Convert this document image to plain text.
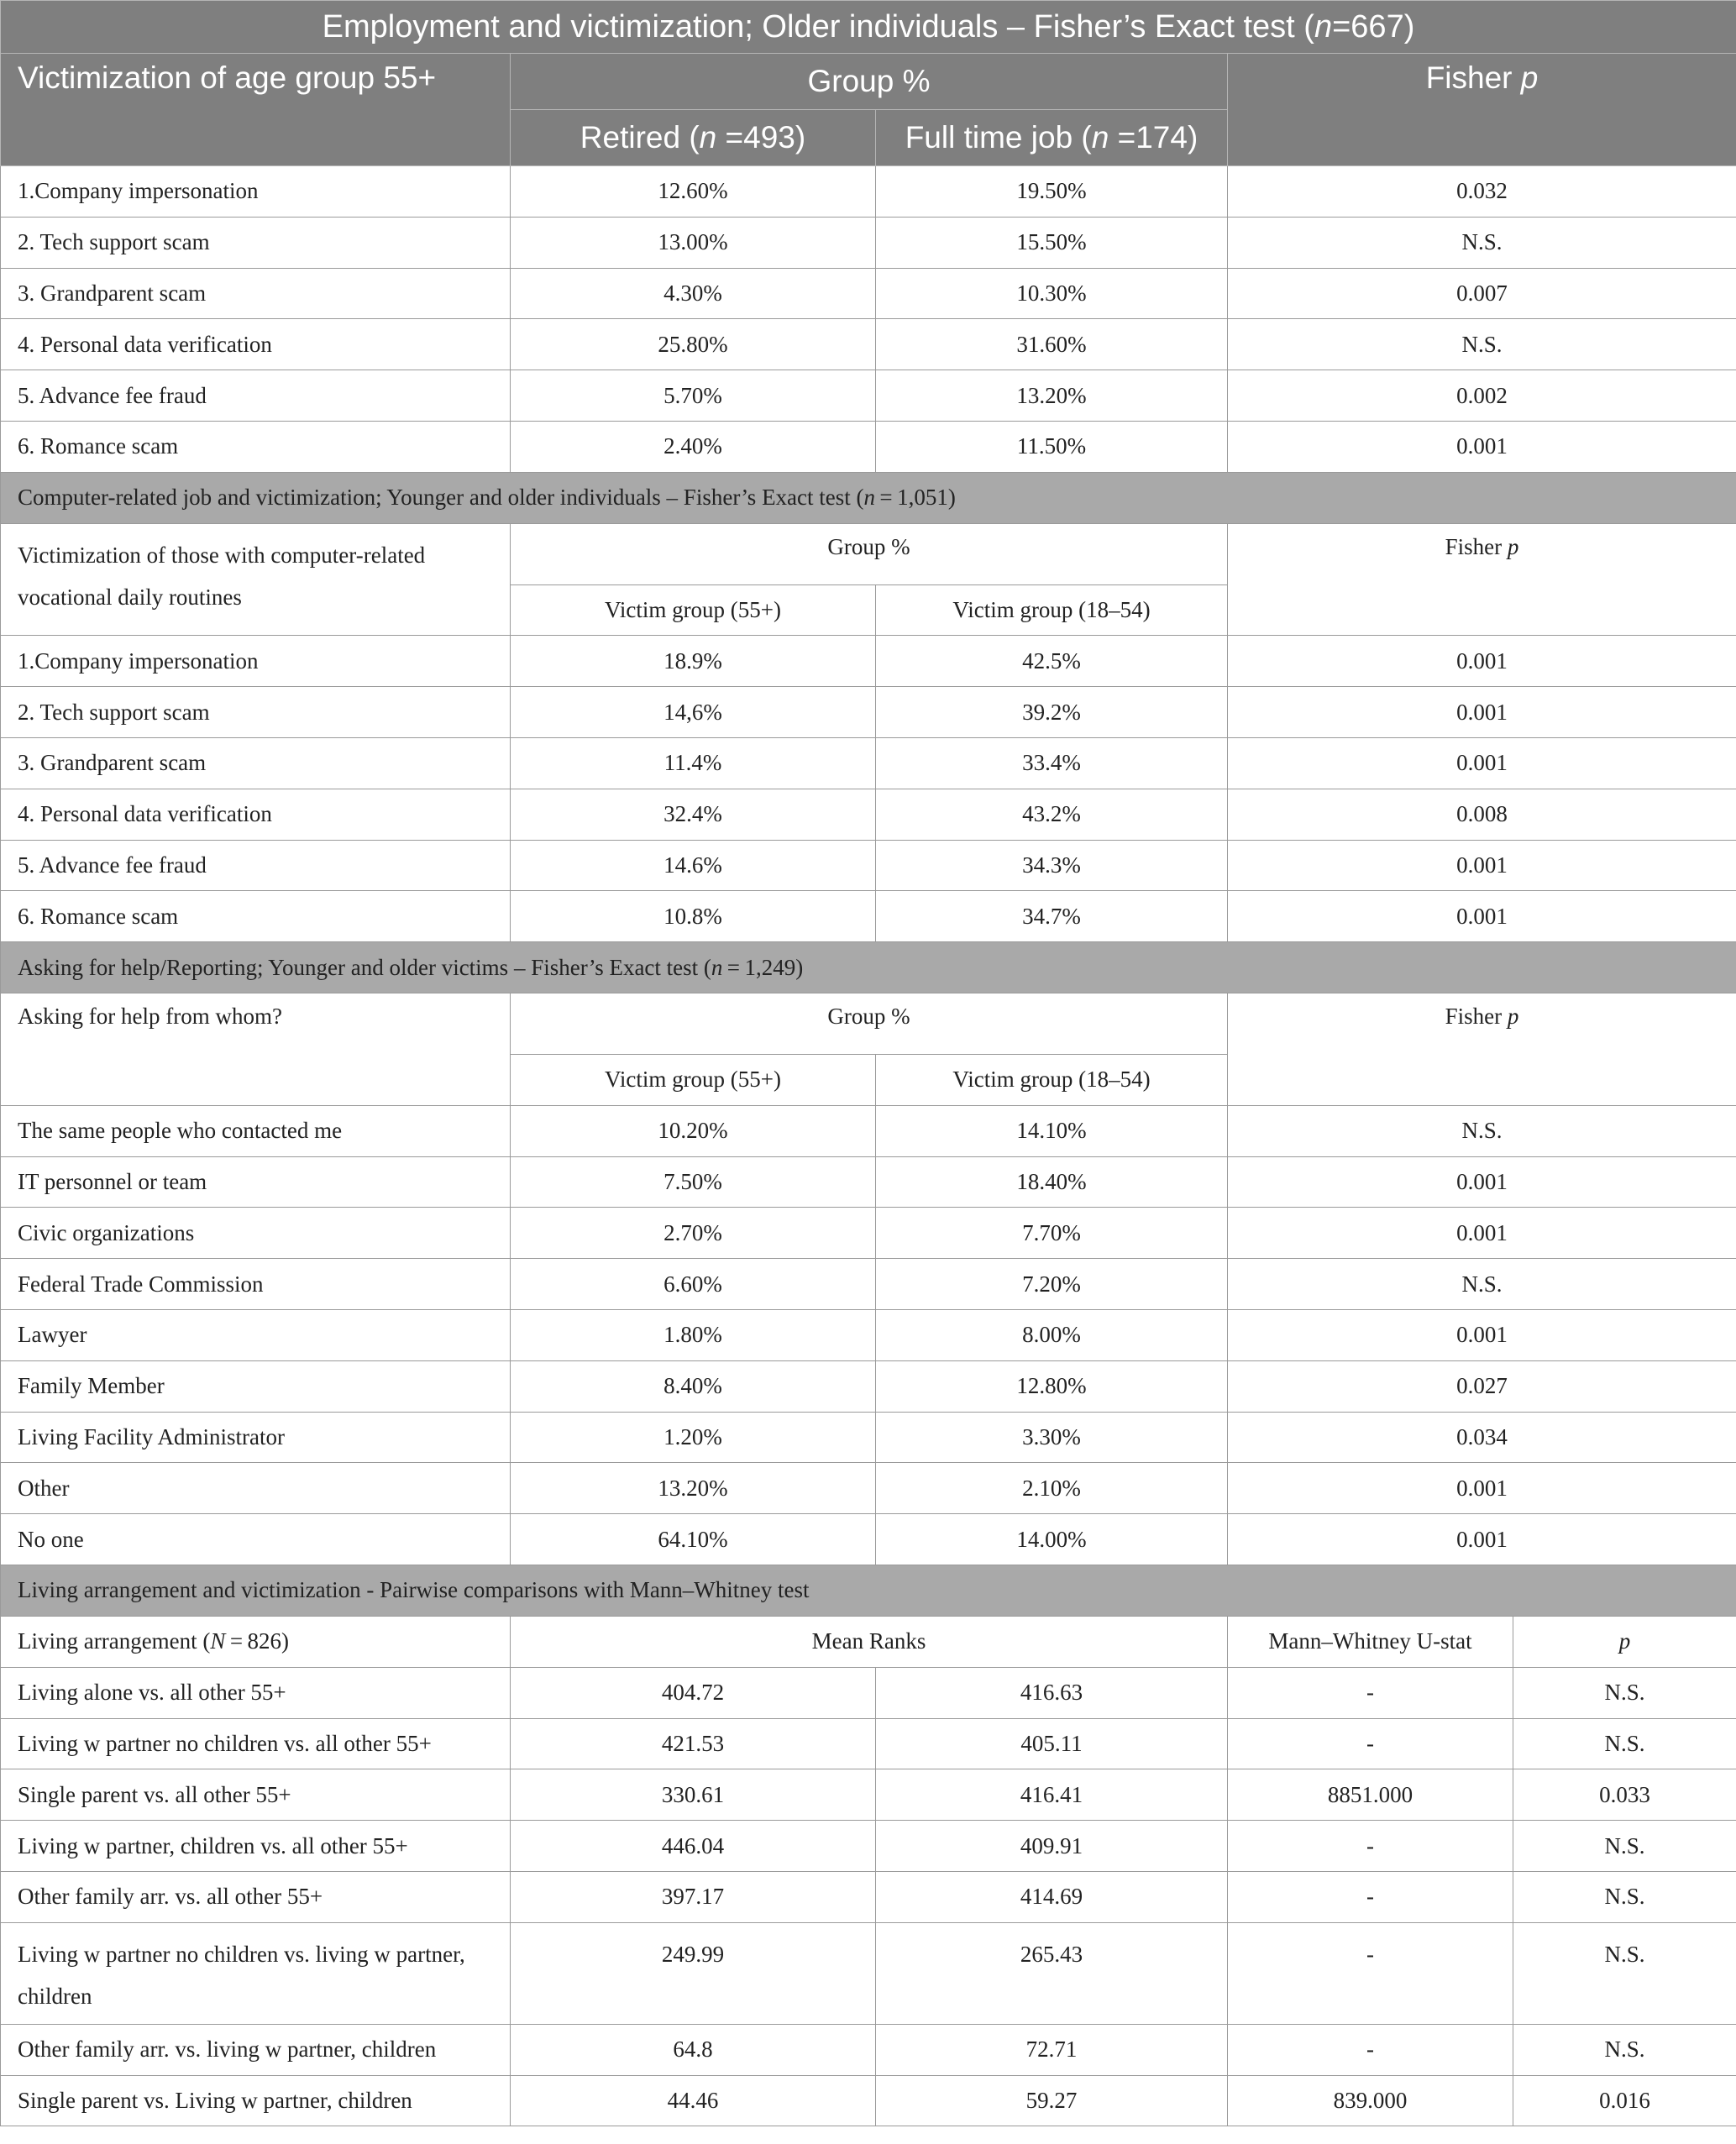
Employment and victimization; Older individuals – Fisher’s Exact test (n=667)				
Victimization of age group 55+	Group %		Fisher p	
	Retired (n =493)	Full time job (n =174)		
1.Company impersonation	12.60%	19.50%	0.032	
2. Tech support scam	13.00%	15.50%	N.S.	
3. Grandparent scam	4.30%	10.30%	0.007	
4. Personal data verification	25.80%	31.60%	N.S.	
5. Advance fee fraud	5.70%	13.20%	0.002	
6. Romance scam	2.40%	11.50%	0.001	
Computer-related job and victimization; Younger and older individuals – Fisher’s Exact test (n = 1,051)				
Victimization of those with computer-related vocational daily routines	Group %		Fisher p	
	Victim group (55+)	Victim group (18–54)		
1.Company impersonation	18.9%	42.5%	0.001	
2. Tech support scam	14,6%	39.2%	0.001	
3. Grandparent scam	11.4%	33.4%	0.001	
4. Personal data verification	32.4%	43.2%	0.008	
5. Advance fee fraud	14.6%	34.3%	0.001	
6. Romance scam	10.8%	34.7%	0.001	
Asking for help/Reporting; Younger and older victims – Fisher’s Exact test (n = 1,249)				
Asking for help from whom?	Group %		Fisher p	
	Victim group (55+)	Victim group (18–54)		
The same people who contacted me	10.20%	14.10%	N.S.	
IT personnel or team	7.50%	18.40%	0.001	
Civic organizations	2.70%	7.70%	0.001	
Federal Trade Commission	6.60%	7.20%	N.S.	
Lawyer	1.80%	8.00%	0.001	
Family Member	8.40%	12.80%	0.027	
Living Facility Administrator	1.20%	3.30%	0.034	
Other	13.20%	2.10%	0.001	
No one	64.10%	14.00%	0.001	
Living arrangement and victimization - Pairwise comparisons with Mann–Whitney test				
Living arrangement (N = 826)	Mean Ranks		Mann–Whitney U-stat	p
Living alone vs. all other 55+	404.72	416.63	-	N.S.
Living w partner no children vs. all other 55+	421.53	405.11	-	N.S.
Single parent vs. all other 55+	330.61	416.41	8851.000	0.033
Living w partner, children vs. all other 55+	446.04	409.91	-	N.S.
Other family arr. vs. all other 55+	397.17	414.69	-	N.S.
Living w partner no children vs. living w partner, children	249.99	265.43	-	N.S.
Other family arr. vs. living w partner, children	64.8	72.71	-	N.S.
Single parent vs. Living w partner, children	44.46	59.27	839.000	0.016
